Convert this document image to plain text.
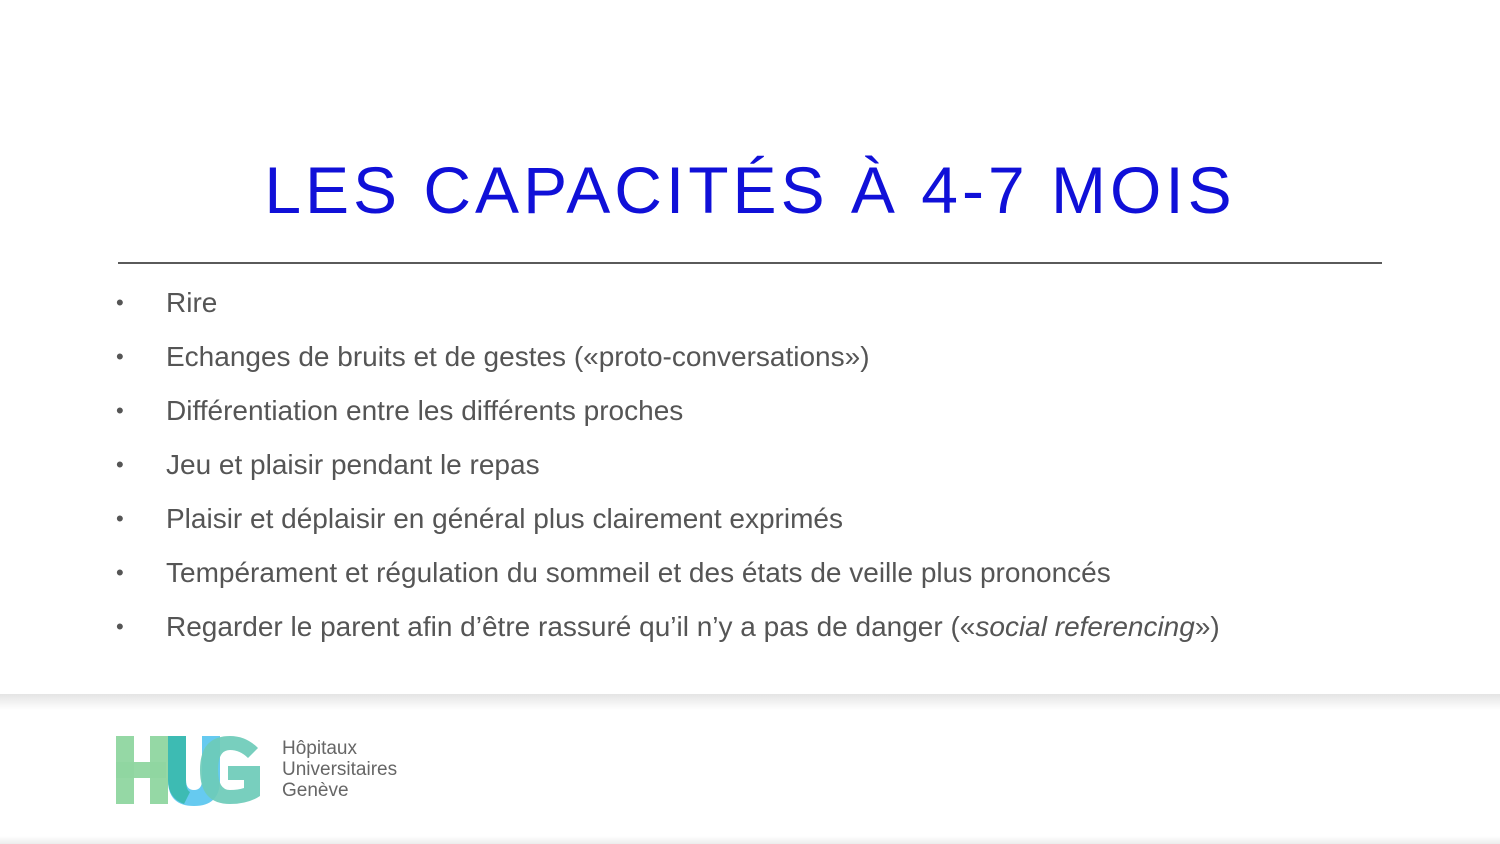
LES CAPACITÉS À 4-7 MOIS
• Rire
• Echanges de bruits et de gestes («proto-conversations»)
• Différentiation entre les différents proches
• Jeu et plaisir pendant le repas
• Plaisir et déplaisir en général plus clairement exprimés
• Tempérament et régulation du sommeil et des états de veille plus prononcés
• Regarder le parent afin d’être rassuré qu’il n’y a pas de danger («social referencing»)
Hôpitaux
Universitaires
Genève
